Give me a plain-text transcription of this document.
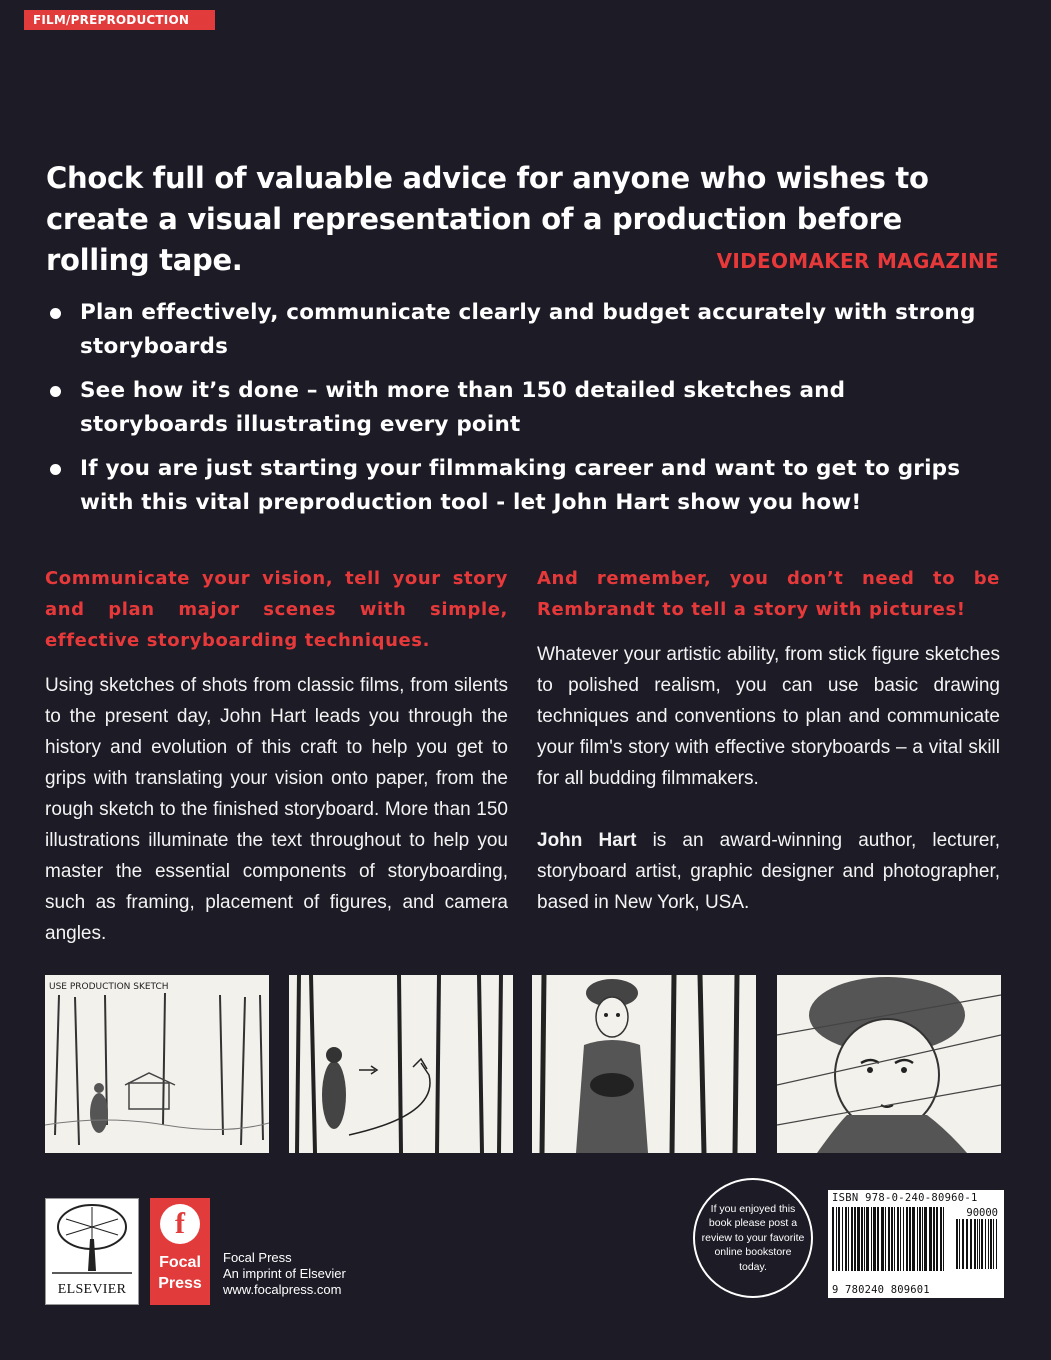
FILM/PREPRODUCTION
Chock full of valuable advice for anyone who wishes to create a visual representation of a production before rolling tape.	VIDEOMAKER MAGAZINE
Plan effectively, communicate clearly and budget accurately with strong storyboards
See how it’s done – with more than 150 detailed sketches and storyboards illustrating every point
If you are just starting your filmmaking career and want to get to grips with this vital preproduction tool - let John Hart show you how!

Communicate your vision, tell your story and plan major scenes with simple, effective storyboarding techniques.

Using sketches of shots from classic films, from silents to the present day, John Hart leads you through the history and evolution of this craft to help you get to grips with translating your vision onto paper, from the rough sketch to the finished storyboard. More than 150 illustrations illuminate the text throughout to help you master the essential components of storyboarding, such as framing, placement of figures, and camera angles.

And remember, you don’t need to be Rembrandt to tell a story with pictures!

Whatever your artistic ability, from stick figure sketches to polished realism, you can use basic drawing techniques and conventions to plan and communicate your film's story with effective storyboards – a vital skill for all budding filmmakers.

John Hart is an award-winning author, lecturer, storyboard artist, graphic designer and photographer, based in New York, USA.

USE PRODUCTION SKETCH
ELSEVIER
f
Focal
Press
Focal Press
An imprint of Elsevier
www.focalpress.com
If you enjoyed this book please post a review to your favorite online bookstore today.
ISBN 978-0-240-80960-1
90000
9 780240 809601
